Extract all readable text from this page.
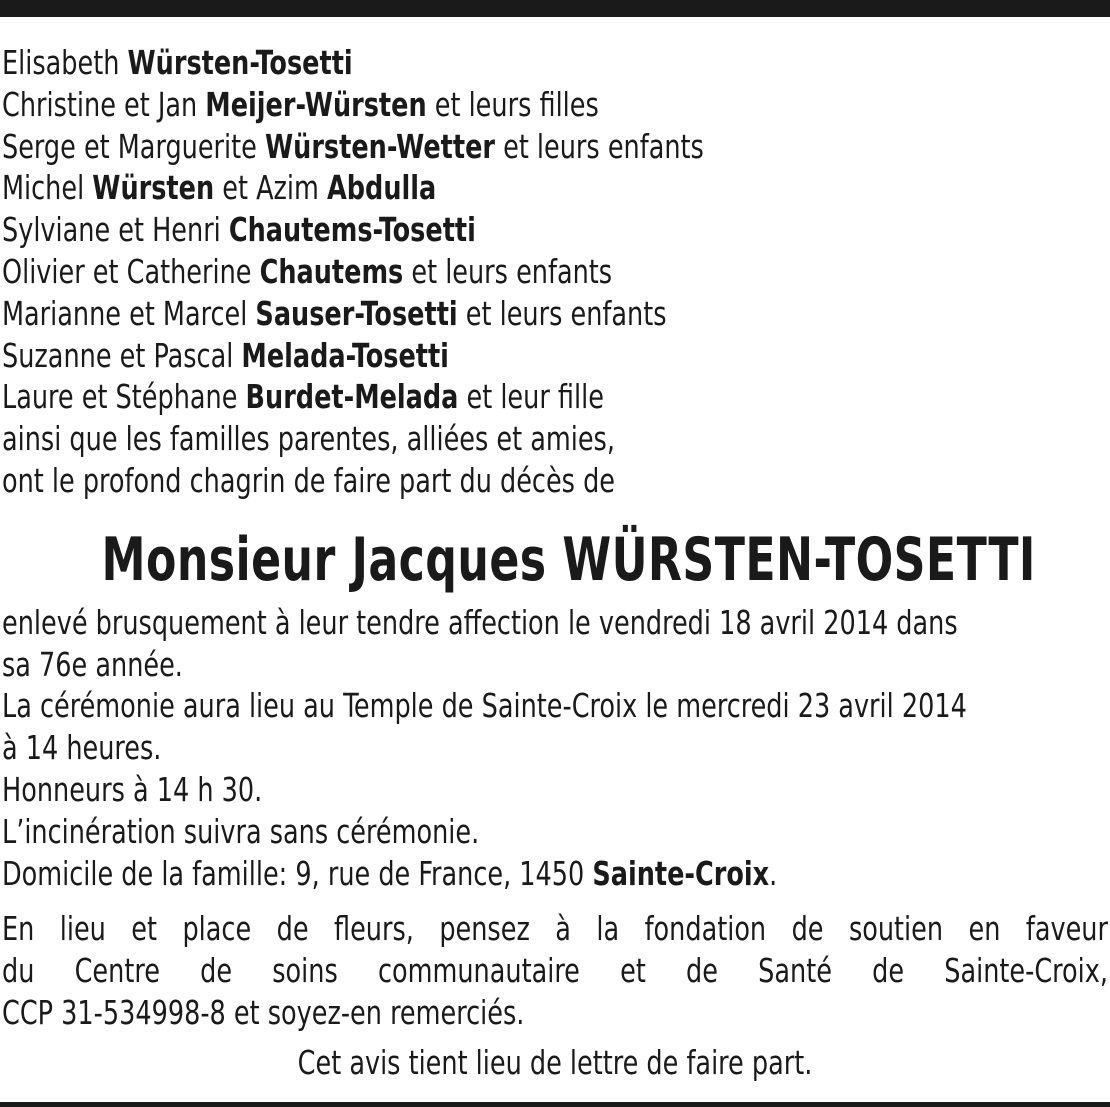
Elisabeth Würsten-Tosetti
Christine et Jan Meijer-Würsten et leurs filles
Serge et Marguerite Würsten-Wetter et leurs enfants
Michel Würsten et Azim Abdulla
Sylviane et Henri Chautems-Tosetti
Olivier et Catherine Chautems et leurs enfants
Marianne et Marcel Sauser-Tosetti et leurs enfants
Suzanne et Pascal Melada-Tosetti
Laure et Stéphane Burdet-Melada et leur fille
ainsi que les familles parentes, alliées et amies,
ont le profond chagrin de faire part du décès de
Monsieur Jacques WÜRSTEN-TOSETTI
enlevé brusquement à leur tendre affection le vendredi 18 avril 2014 dans
sa 76e année.
La cérémonie aura lieu au Temple de Sainte-Croix le mercredi 23 avril 2014
à 14 heures.
Honneurs à 14 h 30.
L’incinération suivra sans cérémonie.
Domicile de la famille: 9, rue de France, 1450 Sainte-Croix.
En lieu et place de fleurs, pensez à la fondation de soutien en faveur
du Centre de soins communautaire et de Santé de Sainte-Croix,
CCP 31-534998-8 et soyez-en remerciés.
Cet avis tient lieu de lettre de faire part.
